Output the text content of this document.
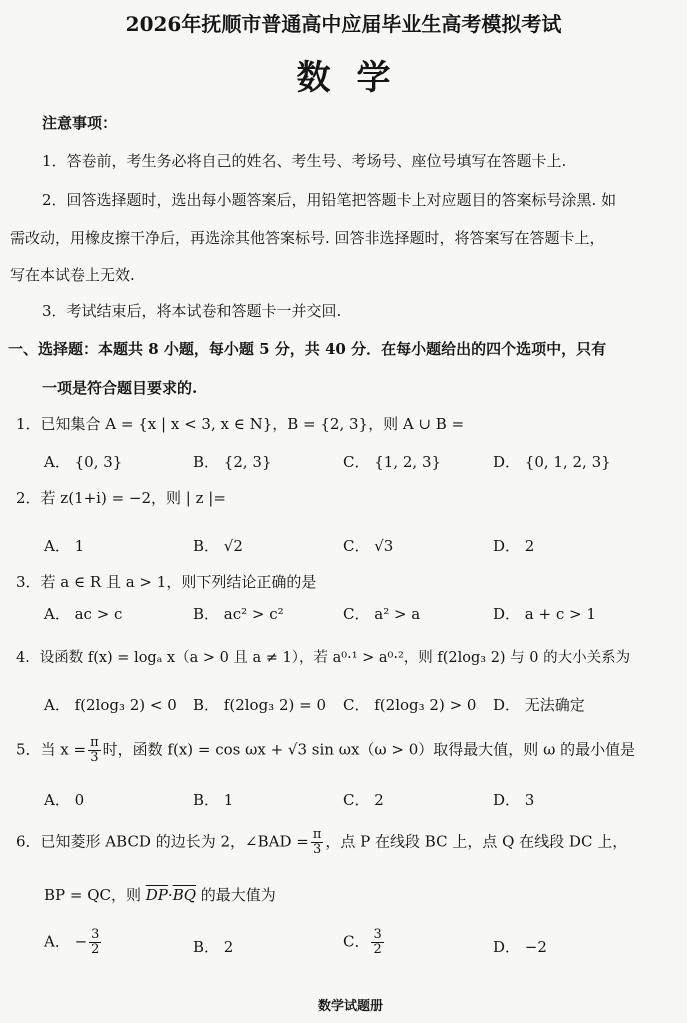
2026年抚顺市普通高中应届毕业生高考模拟考试
数学
注意事项：
1．答卷前，考生务必将自己的姓名、考生号、考场号、座位号填写在答题卡上.
2．回答选择题时，选出每小题答案后，用铅笔把答题卡上对应题目的答案标号涂黑. 如
需改动，用橡皮擦干净后，再选涂其他答案标号. 回答非选择题时，将答案写在答题卡上，
写在本试卷上无效.
3．考试结束后，将本试卷和答题卡一并交回.
一、选择题：本题共 8 小题，每小题 5 分，共 40 分．在每小题给出的四个选项中，只有
一项是符合题目要求的.
1．已知集合 A = {x | x < 3, x ∈ N}，B = {2, 3}，则 A ∪ B =
A． {0, 3}	B． {2, 3}	C． {1, 2, 3}	D． {0, 1, 2, 3}
2．若 z(1+i) = −2，则 | z |=
A． 1	B． √2	C． √3	D． 2
3．若 a ∈ R 且 a > 1，则下列结论正确的是
A． ac > c	B． ac² > c²	C． a² > a	D． a + c > 1
4．设函数 f(x) = logₐ x（a > 0 且 a ≠ 1），若 a⁰·¹ > a⁰·²，则 f(2log₃ 2) 与 0 的大小关系为
A． f(2log₃ 2) < 0 B． f(2log₃ 2) = 0 C． f(2log₃ 2) > 0 D． 无法确定
5．当 $x = \frac{\pi}{3}$ 时，函数 f(x) = cos ωx + √3 sin ωx（ω > 0）取得最大值，则 ω 的最小值是
A． 0	B． 1	C． 2	D． 3
6．已知菱形 ABCD 的边长为 2，∠BAD = $\frac{\pi}{3}$ ，点 P 在线段 BC 上，点 Q 在线段 DC 上，
BP = QC，则 $\overline{DP}\cdot\overline{BQ}$ 的最大值为
A． − $\frac{3}{2}$	B． 2	C． $\frac{3}{2}$	D． −2
数学试题册
